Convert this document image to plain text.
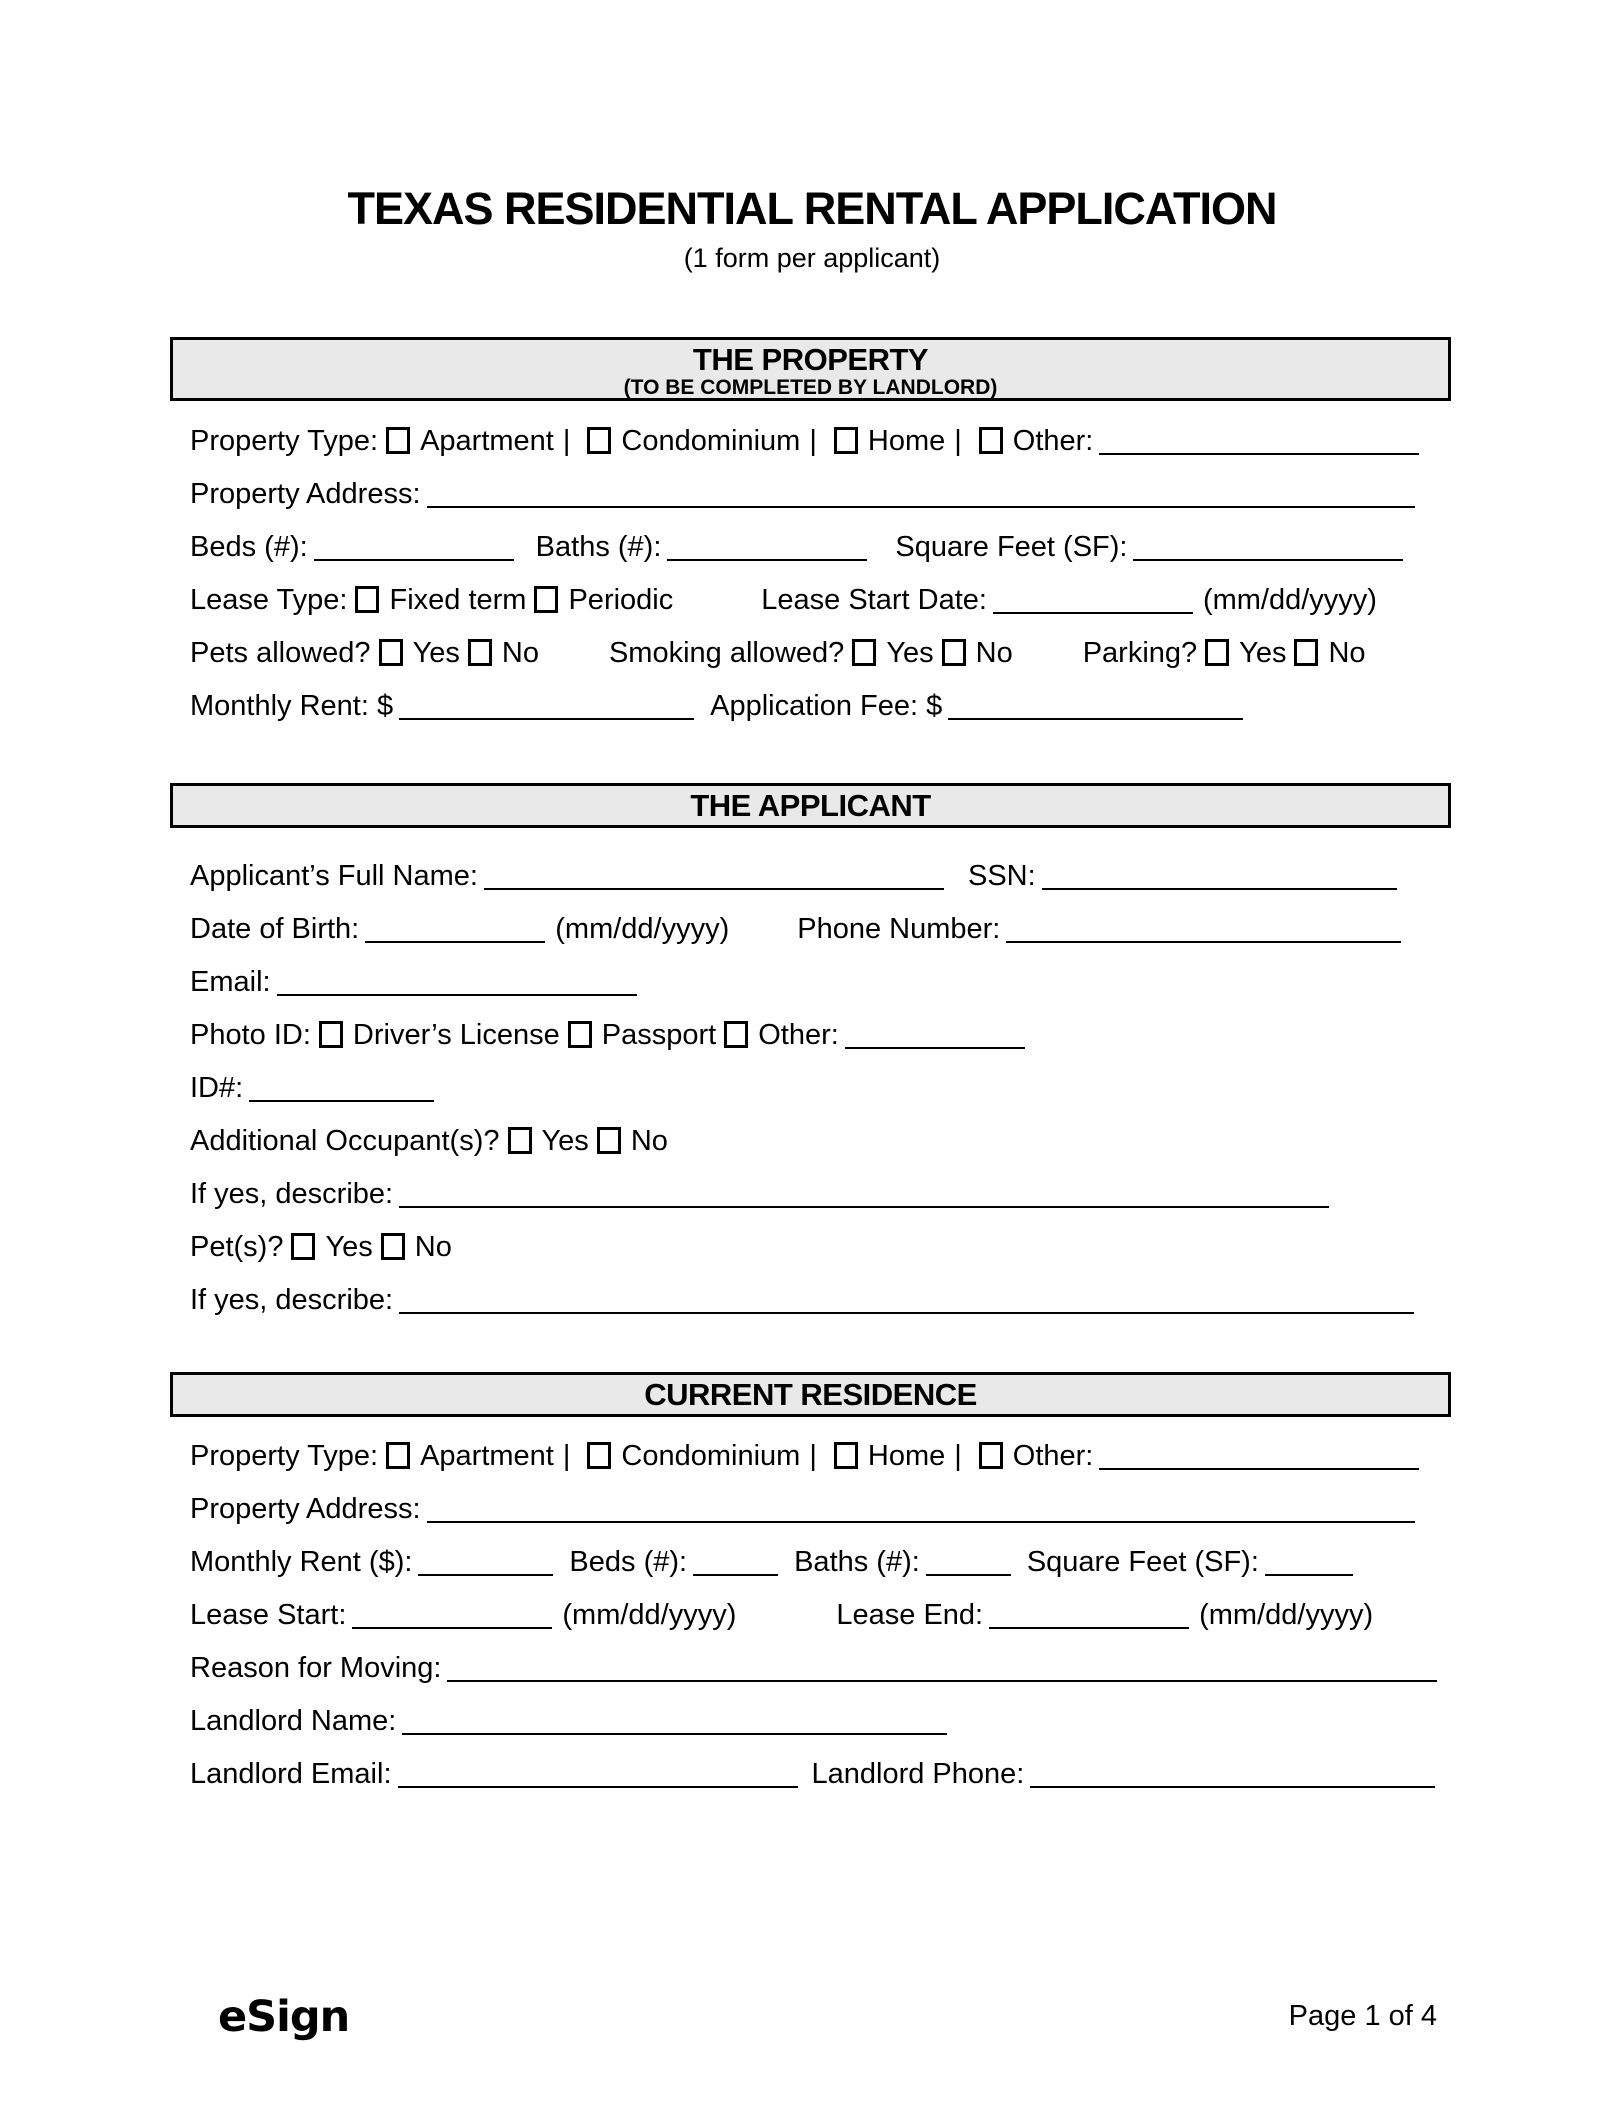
TEXAS RESIDENTIAL RENTAL APPLICATION
(1 form per applicant)
THE PROPERTY
(TO BE COMPLETED BY LANDLORD)
Property Type: Apartment | Condominium | Home | Other:
Property Address:
Beds (#):	Baths (#):	Square Feet (SF):
Lease Type: Fixed term Periodic	Lease Start Date:	(mm/dd/yyyy)
Pets allowed? Yes No Smoking allowed? Yes No Parking? Yes No
Monthly Rent: $	Application Fee: $
THE APPLICANT
Applicant’s Full Name:	SSN:
Date of Birth:	(mm/dd/yyyy) Phone Number:
Email:
Photo ID: Driver’s License Passport Other:
ID#:
Additional Occupant(s)? Yes No
If yes, describe:
Pet(s)? Yes No
If yes, describe:
CURRENT RESIDENCE
Property Type: Apartment | Condominium | Home | Other:
Property Address:
Monthly Rent ($):	Beds (#):	Baths (#):	Square Feet (SF):
Lease Start:	(mm/dd/yyyy)	Lease End:	(mm/dd/yyyy)
Reason for Moving:
Landlord Name:
Landlord Email:	Landlord Phone:
eSign	Page 1 of 4
